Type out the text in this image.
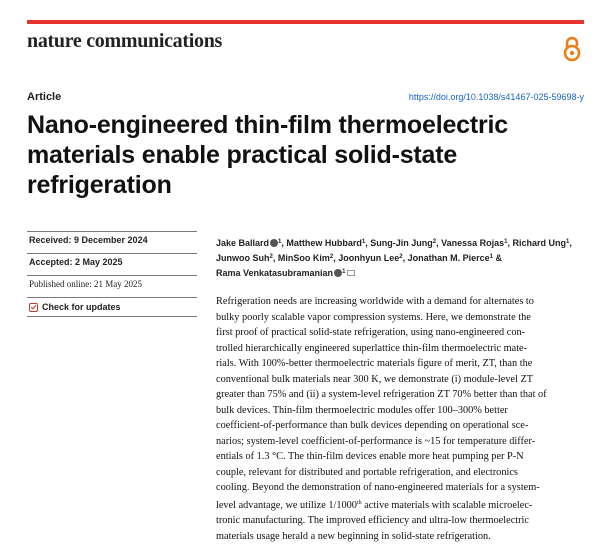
nature communications
Article	https://doi.org/10.1038/s41467-025-59698-y
Nano-engineered thin-film thermoelectric
materials enable practical solid-state
refrigeration
Received: 9 December 2024
Accepted: 2 May 2025
Published online: 21 May 2025
Check for updates
Jake Ballard $^1$, Matthew Hubbard$^1$, Sung-Jin Jung$^2$, Vanessa Rojas$^1$, Richard Ung$^1$,
Junwoo Suh$^2$, MinSoo Kim$^2$, Joonhyun Lee$^2$, Jonathan M. Pierce$^1$ &
Rama Venkatasubramanian $^1$
Refrigeration needs are increasing worldwide with a demand for alternates to
bulky poorly scalable vapor compression systems. Here, we demonstrate the
first proof of practical solid-state refrigeration, using nano-engineered con-
trolled hierarchically engineered superlattice thin-film thermoelectric mate-
rials. With 100%-better thermoelectric materials figure of merit, ZT, than the
conventional bulk materials near 300 K, we demonstrate (i) module-level ZT
greater than 75% and (ii) a system-level refrigeration ZT 70% better than that of
bulk devices. Thin-film thermoelectric modules offer 100–300% better
coefficient-of-performance than bulk devices depending on operational sce-
narios; system-level coefficient-of-performance is ~15 for temperature differ-
entials of 1.3 °C. The thin-film devices enable more heat pumping per P-N
couple, relevant for distributed and portable refrigeration, and electronics
cooling. Beyond the demonstration of nano-engineered materials for a system-
level advantage, we utilize 1/1000th active materials with scalable microelec-
tronic manufacturing. The improved efficiency and ultra-low thermoelectric
materials usage herald a new beginning in solid-state refrigeration.
